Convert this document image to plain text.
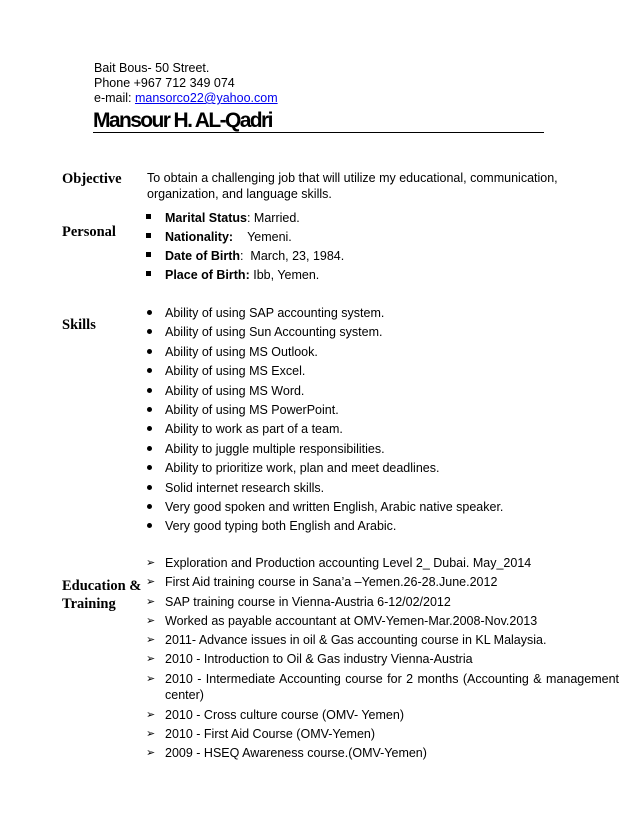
Bait Bous- 50 Street.
Phone +967 712 349 074
e-mail: mansorco22@yahoo.com
Mansour H. AL-Qadri
Objective To obtain a challenging job that will utilize my educational, communication, organization, and language skills.
Personal
Marital Status: Married.
Nationality: Yemeni.
Date of Birth:  March, 23, 1984.
Place of Birth: Ibb, Yemen.
Skills
Ability of using SAP accounting system.
Ability of using Sun Accounting system.
Ability of using MS Outlook.
Ability of using MS Excel.
Ability of using MS Word.
Ability of using MS PowerPoint.
Ability to work as part of a team.
Ability to juggle multiple responsibilities.
Ability to prioritize work, plan and meet deadlines.
Solid internet research skills.
Very good spoken and written English, Arabic native speaker.
Very good typing both English and Arabic.
Education &
Training
➢ Exploration and Production accounting Level 2_ Dubai. May_2014
➢ First Aid training course in Sana’a –Yemen.26-28.June.2012
➢ SAP training course in Vienna-Austria 6-12/02/2012
➢ Worked as payable accountant at OMV-Yemen-Mar.2008-Nov.2013
➢ 2011- Advance issues in oil & Gas accounting course in KL Malaysia.
➢ 2010 - Introduction to Oil & Gas industry Vienna-Austria
➢ 2010 - Intermediate Accounting course for 2 months (Accounting & management center)
➢ 2010 - Cross culture course (OMV- Yemen)
➢ 2010 - First Aid Course (OMV-Yemen)
➢ 2009 - HSEQ Awareness course.(OMV-Yemen)
